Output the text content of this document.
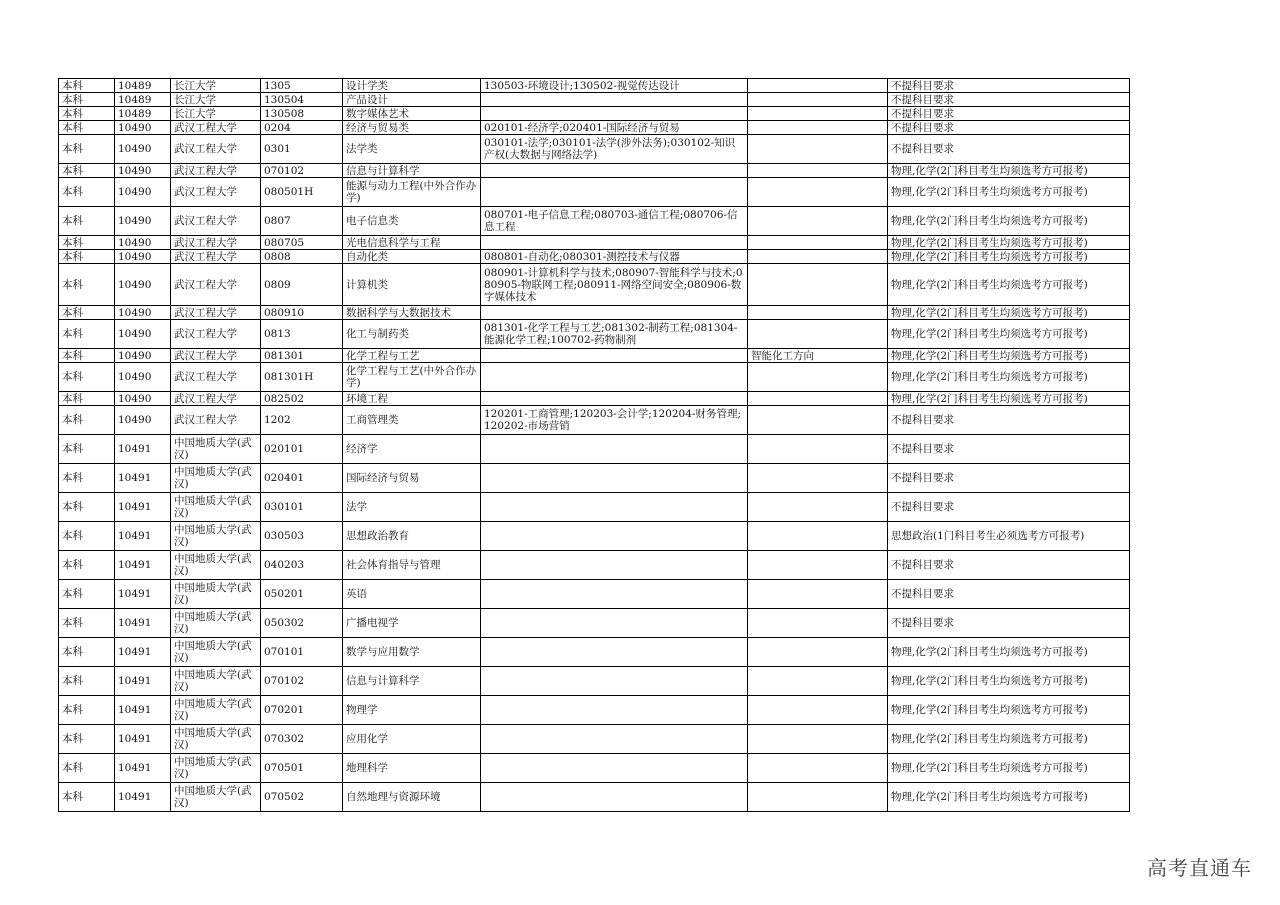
本科	10489	长江大学	1305	设计学类	130503-环境设计;130502-视觉传达设计		不提科目要求
本科	10489	长江大学	130504	产品设计			不提科目要求
本科	10489	长江大学	130508	数字媒体艺术			不提科目要求
本科	10490	武汉工程大学	0204	经济与贸易类	020101-经济学;020401-国际经济与贸易		不提科目要求
本科	10490	武汉工程大学	0301	法学类	030101-法学;030101-法学(涉外法务);030102-知识产权(大数据与网络法学)		不提科目要求
本科	10490	武汉工程大学	070102	信息与计算科学			物理,化学(2门科目考生均须选考方可报考)
本科	10490	武汉工程大学	080501H	能源与动力工程(中外合作办学)			物理,化学(2门科目考生均须选考方可报考)
本科	10490	武汉工程大学	0807	电子信息类	080701-电子信息工程;080703-通信工程;080706-信息工程		物理,化学(2门科目考生均须选考方可报考)
本科	10490	武汉工程大学	080705	光电信息科学与工程			物理,化学(2门科目考生均须选考方可报考)
本科	10490	武汉工程大学	0808	自动化类	080801-自动化;080301-测控技术与仪器		物理,化学(2门科目考生均须选考方可报考)
本科	10490	武汉工程大学	0809	计算机类	080901-计算机科学与技术;080907-智能科学与技术;080905-物联网工程;080911-网络空间安全;080906-数字媒体技术		物理,化学(2门科目考生均须选考方可报考)
本科	10490	武汉工程大学	080910	数据科学与大数据技术			物理,化学(2门科目考生均须选考方可报考)
本科	10490	武汉工程大学	0813	化工与制药类	081301-化学工程与工艺;081302-制药工程;081304-能源化学工程;100702-药物制剂		物理,化学(2门科目考生均须选考方可报考)
本科	10490	武汉工程大学	081301	化学工程与工艺		智能化工方向	物理,化学(2门科目考生均须选考方可报考)
本科	10490	武汉工程大学	081301H	化学工程与工艺(中外合作办学)			物理,化学(2门科目考生均须选考方可报考)
本科	10490	武汉工程大学	082502	环境工程			物理,化学(2门科目考生均须选考方可报考)
本科	10490	武汉工程大学	1202	工商管理类	120201-工商管理;120203-会计学;120204-财务管理;120202-市场营销		不提科目要求
本科	10491	中国地质大学(武汉)	020101	经济学			不提科目要求
本科	10491	中国地质大学(武汉)	020401	国际经济与贸易			不提科目要求
本科	10491	中国地质大学(武汉)	030101	法学			不提科目要求
本科	10491	中国地质大学(武汉)	030503	思想政治教育			思想政治(1门科目考生必须选考方可报考)
本科	10491	中国地质大学(武汉)	040203	社会体育指导与管理			不提科目要求
本科	10491	中国地质大学(武汉)	050201	英语			不提科目要求
本科	10491	中国地质大学(武汉)	050302	广播电视学			不提科目要求
本科	10491	中国地质大学(武汉)	070101	数学与应用数学			物理,化学(2门科目考生均须选考方可报考)
本科	10491	中国地质大学(武汉)	070102	信息与计算科学			物理,化学(2门科目考生均须选考方可报考)
本科	10491	中国地质大学(武汉)	070201	物理学			物理,化学(2门科目考生均须选考方可报考)
本科	10491	中国地质大学(武汉)	070302	应用化学			物理,化学(2门科目考生均须选考方可报考)
本科	10491	中国地质大学(武汉)	070501	地理科学			物理,化学(2门科目考生均须选考方可报考)
本科	10491	中国地质大学(武汉)	070502	自然地理与资源环境			物理,化学(2门科目考生均须选考方可报考)
高考直通车
